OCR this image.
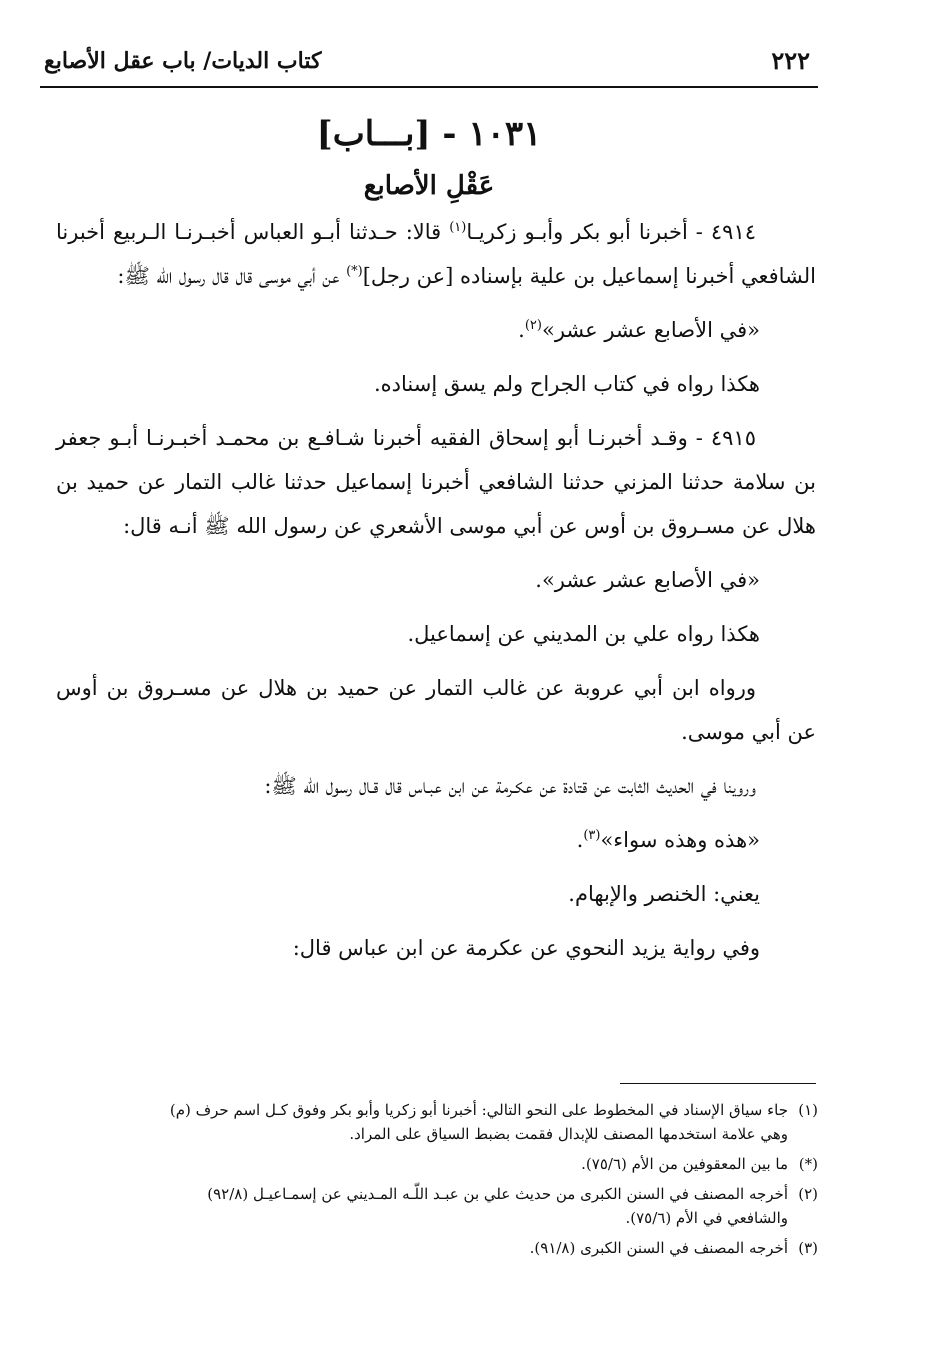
٢٢٢
كتاب الديات/ باب عقل الأصابع
١٠٣١ - [بـــاب]
عَقْلِ الأصابع

٤٩١٤ - أخبرنا أبو بكر وأبـو زكريـا$^{(١)}$ قالا: حـدثنا أبـو العباس أخبـرنـا الـربيع أخبرنا الشافعي أخبرنا إسماعيل بن علية بإسناده [عن رجل](*) عن أبي موسى قال قال رسول الله ﷺ:

«في الأصابع عشر عشر»$^{(٢)}$.

هكذا رواه في كتاب الجراح ولم يسق إسناده.

٤٩١٥ - وقـد أخبرنـا أبو إسحاق الفقيه أخبرنا شـافـع بن محمـد أخبـرنـا أبـو جعفر بن سلامة حدثنا المزني حدثنا الشافعي أخبرنا إسماعيل حدثنا غالب التمار عن حميد بن هلال عن مسـروق بن أوس عن أبي موسى الأشعري عن رسول الله ﷺ أنـه قال:

«في الأصابع عشر عشر».

هكذا رواه علي بن المديني عن إسماعيل.

ورواه ابن أبي عروبة عن غالب التمار عن حميد بن هلال عن مسـروق بن أوس عن أبي موسى.

وروينا في الحديث الثابت عن قتادة عن عكـرمة عن ابن عبـاس قال قـال رسول الله ﷺ:

«هذه وهذه سواء»$^{(٣)}$.

يعني: الخنصر والإبهام.

وفي رواية يزيد النحوي عن عكرمة عن ابن عباس قال:

(١)جاء سياق الإسناد في المخطوط على النحو التالي: أخبرنا أبو زكريا وأبو بكر وفوق كـل اسم حرف (م)
وهي علامة استخدمها المصنف للإبدال فقمت بضبط السياق على المراد.

(*)ما بين المعقوفين من الأم (٧٥/٦).

(٢)أخرجه المصنف في السنن الكبرى من حديث علي بن عبـد اللّـه المـديني عن إسمـاعيـل (٩٢/٨)
والشافعي في الأم (٧٥/٦).

(٣)أخرجه المصنف في السنن الكبرى (٩١/٨).
